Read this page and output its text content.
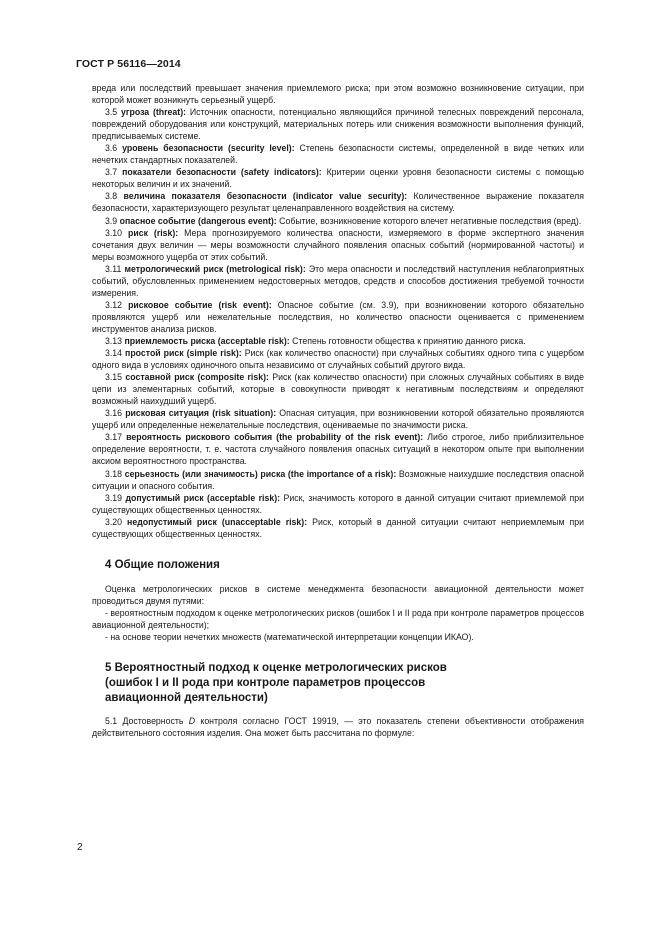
ГОСТ Р 56116—2014

вреда или последствий превышает значения приемлемого риска; при этом возможно возникновение ситуации, при которой может возникнуть серьезный ущерб.

3.5 угроза (threat): Источник опасности, потенциально являющийся причиной телесных повреждений персонала, повреждений оборудования или конструкций, материальных потерь или снижения возможности выполнения функций, предписываемых системе.

3.6 уровень безопасности (security level): Степень безопасности системы, определенной в виде четких или нечетких стандартных показателей.

3.7 показатели безопасности (safety indicators): Критерии оценки уровня безопасности системы с помощью некоторых величин и их значений.

3.8 величина показателя безопасности (indicator value security): Количественное выражение показателя безопасности, характеризующего результат целенаправленного воздействия на систему.

3.9 опасное событие (dangerous event): Событие, возникновение которого влечет негативные последствия (вред).

3.10 риск (risk): Мера прогнозируемого количества опасности, измеряемого в форме экспертного значения сочетания двух величин — меры возможности случайного появления опасных событий (нормированной частоты) и меры возможного ущерба от этих событий.

3.11 метрологический риск (metrological risk): Это мера опасности и последствий наступления неблагоприятных событий, обусловленных применением недостоверных методов, средств и способов достижения требуемой точности измерения.

3.12 рисковое событие (risk event): Опасное событие (см. 3.9), при возникновении которого обязательно проявляются ущерб или нежелательные последствия, но количество опасности оценивается с применением инструментов анализа рисков.

3.13 приемлемость риска (acceptable risk): Степень готовности общества к принятию данного риска.

3.14 простой риск (simple risk): Риск (как количество опасности) при случайных событиях одного типа с ущербом одного вида в условиях одиночного опыта независимо от случайных событий другого вида.

3.15 составной риск (composite risk): Риск (как количество опасности) при сложных случайных событиях в виде цепи из элементарных событий, которые в совокупности приводят к негативным последствиям и определяют возможный наихудший ущерб.

3.16 рисковая ситуация (risk situation): Опасная ситуация, при возникновении которой обязательно проявляются ущерб или определенные нежелательные последствия, оцениваемые по значимости риска.

3.17 вероятность рискового события (the probability of the risk event): Либо строгое, либо приблизительное определение вероятности, т. е. частота случайного появления опасных ситуаций в некотором опыте при выполнении аксиом вероятностного пространства.

3.18 серьезность (или значимость) риска (the importance of a risk): Возможные наихудшие последствия опасной ситуации и опасного события.

3.19 допустимый риск (acceptable risk): Риск, значимость которого в данной ситуации считают приемлемой при существующих общественных ценностях.

3.20 недопустимый риск (unacceptable risk): Риск, который в данной ситуации считают неприемлемым при существующих общественных ценностях.

4 Общие положения

Оценка метрологических рисков в системе менеджмента безопасности авиационной деятельности может проводиться двумя путями:

- вероятностным подходом к оценке метрологических рисков (ошибок I и II рода при контроле параметров процессов авиационной деятельности);

- на основе теории нечетких множеств (математической интерпретации концепции ИКАО).

5 Вероятностный подход к оценке метрологических рисков
(ошибок I и II рода при контроле параметров процессов
авиационной деятельности)

5.1 Достоверность D контроля согласно ГОСТ 19919, — это показатель степени объективности отображения действительного состояния изделия. Она может быть рассчитана по формуле:

2
